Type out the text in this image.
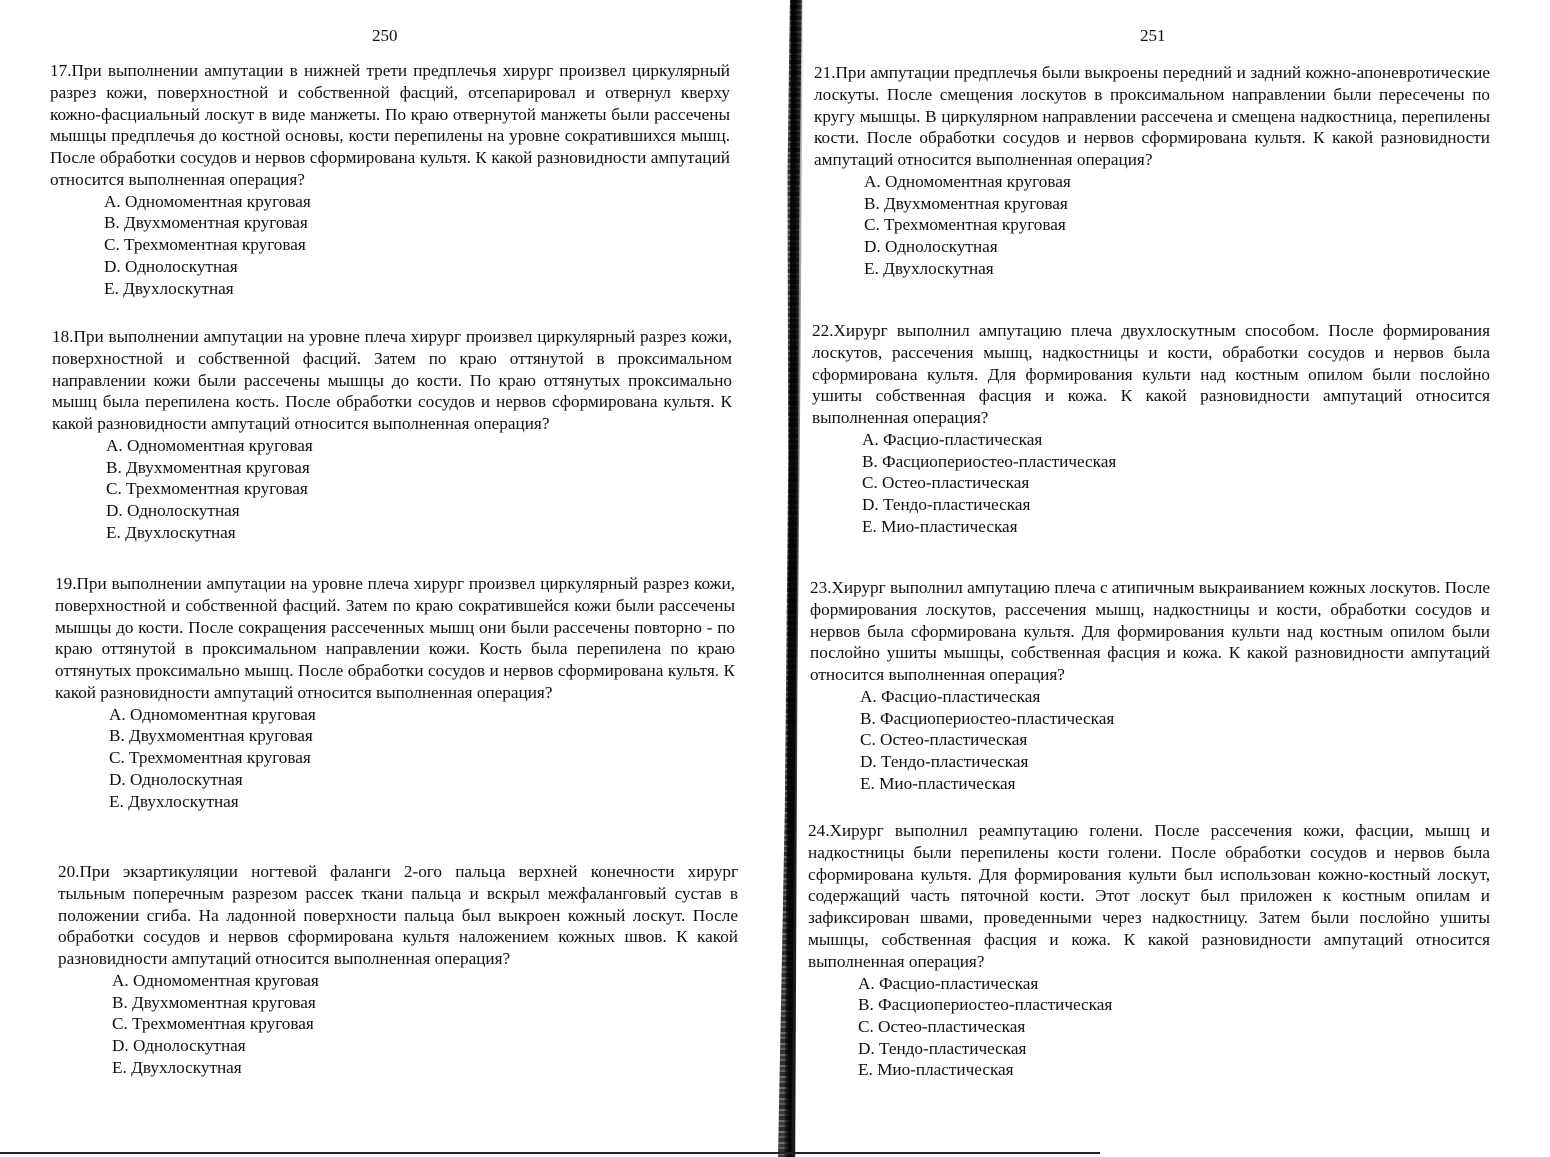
250
17.При выполнении ампутации в нижней трети предплечья хирург произвел циркулярный разрез кожи, поверхностной и собственной фасций, отсепарировал и отвернул кверху кожно-фасциальный лоскут в виде манжеты. По краю отвернутой манжеты были рассечены мышцы предплечья до костной основы, кости перепилены на уровне сократившихся мышц. После обработки сосудов и нервов сформирована культя. К какой разновидности ампутаций относится выполненная операция?
A. Одномоментная круговая
B. Двухмоментная круговая
C. Трехмоментная круговая
D. Однолоскутная
E. Двухлоскутная
18.При выполнении ампутации на уровне плеча хирург произвел циркулярный разрез кожи, поверхностной и собственной фасций. Затем по краю оттянутой в проксимальном направлении кожи были рассечены мышцы до кости. По краю оттянутых проксимально мышц была перепилена кость. После обработки сосудов и нервов сформирована культя. К какой разновидности ампутаций относится выполненная операция?
A. Одномоментная круговая
B. Двухмоментная круговая
C. Трехмоментная круговая
D. Однолоскутная
E. Двухлоскутная
19.При выполнении ампутации на уровне плеча хирург произвел циркулярный разрез кожи, поверхностной и собственной фасций. Затем по краю сократившейся кожи были рассечены мышцы до кости. После сокращения рассеченных мышц они были рассечены повторно - по краю оттянутой в проксимальном направлении кожи. Кость была перепилена по краю оттянутых проксимально мышц. После обработки сосудов и нервов сформирована культя. К какой разновидности ампутаций относится выполненная операция?
A. Одномоментная круговая
B. Двухмоментная круговая
C. Трехмоментная круговая
D. Однолоскутная
E. Двухлоскутная
20.При экзартикуляции ногтевой фаланги 2-ого пальца верхней конечности хирург тыльным поперечным разрезом рассек ткани пальца и вскрыл межфаланговый сустав в положении сгиба. На ладонной поверхности пальца был выкроен кожный лоскут. После обработки сосудов и нервов сформирована культя наложением кожных швов. К какой разновидности ампутаций относится выполненная операция?
A. Одномоментная круговая
B. Двухмоментная круговая
C. Трехмоментная круговая
D. Однолоскутная
E. Двухлоскутная
251
21.При ампутации предплечья были выкроены передний и задний кожно-апоневротические лоскуты. После смещения лоскутов в проксимальном направлении были пересечены по кругу мышцы. В циркулярном направлении рассечена и смещена надкостница, перепилены кости. После обработки сосудов и нервов сформирована культя. К какой разновидности ампутаций относится выполненная операция?
A. Одномоментная круговая
B. Двухмоментная круговая
C. Трехмоментная круговая
D. Однолоскутная
E. Двухлоскутная
22.Хирург выполнил ампутацию плеча двухлоскутным способом. После формирования лоскутов, рассечения мышц, надкостницы и кости, обработки сосудов и нервов была сформирована культя. Для формирования культи над костным опилом были послойно ушиты собственная фасция и кожа. К какой разновидности ампутаций относится выполненная операция?
A. Фасцио-пластическая
B. Фасциопериостео-пластическая
C. Остео-пластическая
D. Тендо-пластическая
E. Мио-пластическая
23.Хирург выполнил ампутацию плеча с атипичным выкраиванием кожных лоскутов. После формирования лоскутов, рассечения мышц, надкостницы и кости, обработки сосудов и нервов была сформирована культя. Для формирования культи над костным опилом были послойно ушиты мышцы, собственная фасция и кожа. К какой разновидности ампутаций относится выполненная операция?
A. Фасцио-пластическая
B. Фасциопериостео-пластическая
C. Остео-пластическая
D. Тендо-пластическая
E. Мио-пластическая
24.Хирург выполнил реампутацию голени. После рассечения кожи, фасции, мышц и надкостницы были перепилены кости голени. После обработки сосудов и нервов была сформирована культя. Для формирования культи был использован кожно-костный лоскут, содержащий часть пяточной кости. Этот лоскут был приложен к костным опилам и зафиксирован швами, проведенными через надкостницу. Затем были послойно ушиты мышцы, собственная фасция и кожа. К какой разновидности ампутаций относится выполненная операция?
A. Фасцио-пластическая
B. Фасциопериостео-пластическая
C. Остео-пластическая
D. Тендо-пластическая
E. Мио-пластическая
